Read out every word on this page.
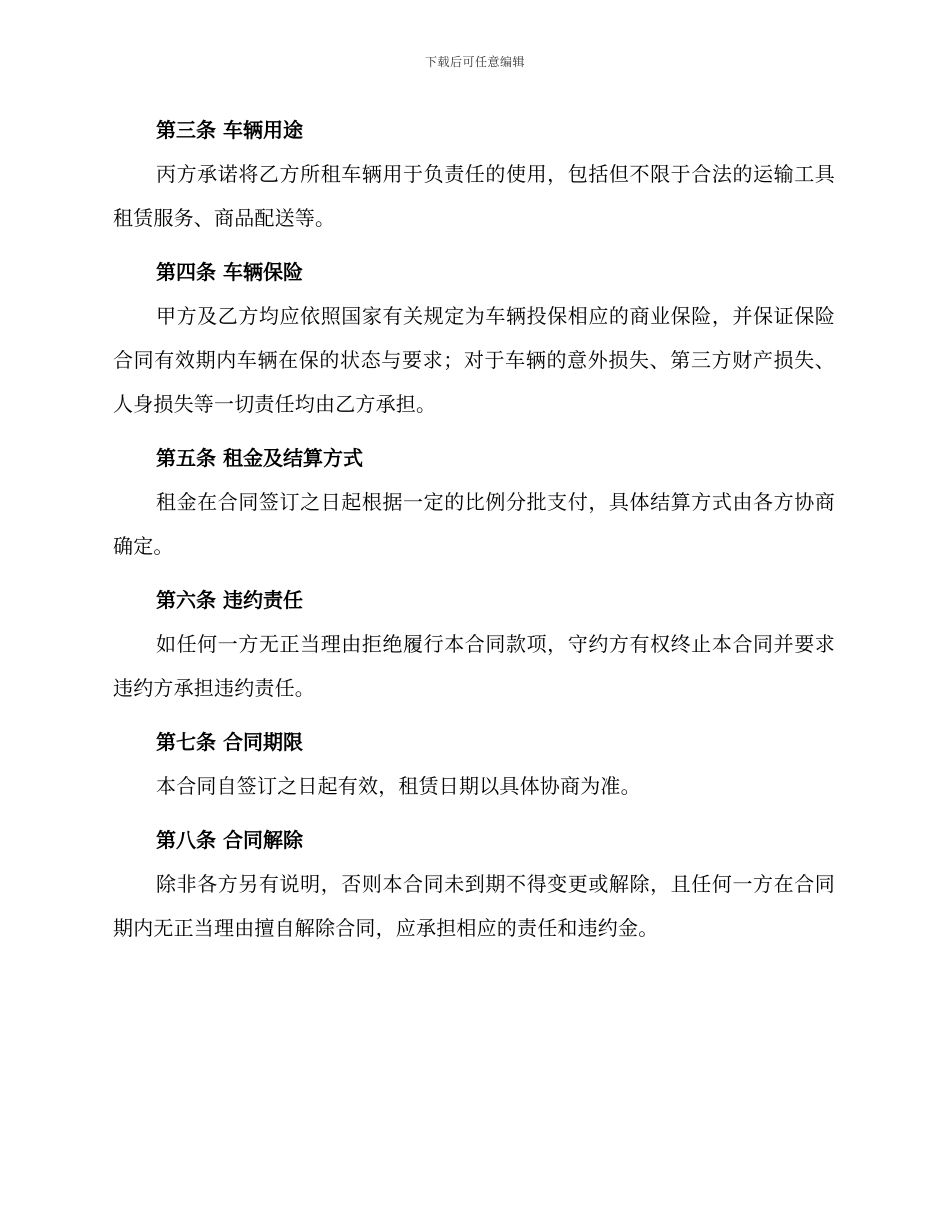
下载后可任意编辑
第三条 车辆用途

丙方承诺将乙方所租车辆用于负责任的使用，包括但不限于合法的运输工具租赁服务、商品配送等。

第四条 车辆保险

甲方及乙方均应依照国家有关规定为车辆投保相应的商业保险，并保证保险合同有效期内车辆在保的状态与要求；对于车辆的意外损失、第三方财产损失、人身损失等一切责任均由乙方承担。

第五条 租金及结算方式

租金在合同签订之日起根据一定的比例分批支付，具体结算方式由各方协商确定。

第六条 违约责任

如任何一方无正当理由拒绝履行本合同款项，守约方有权终止本合同并要求违约方承担违约责任。

第七条 合同期限

本合同自签订之日起有效，租赁日期以具体协商为准。

第八条 合同解除

除非各方另有说明，否则本合同未到期不得变更或解除，且任何一方在合同期内无正当理由擅自解除合同，应承担相应的责任和违约金。
